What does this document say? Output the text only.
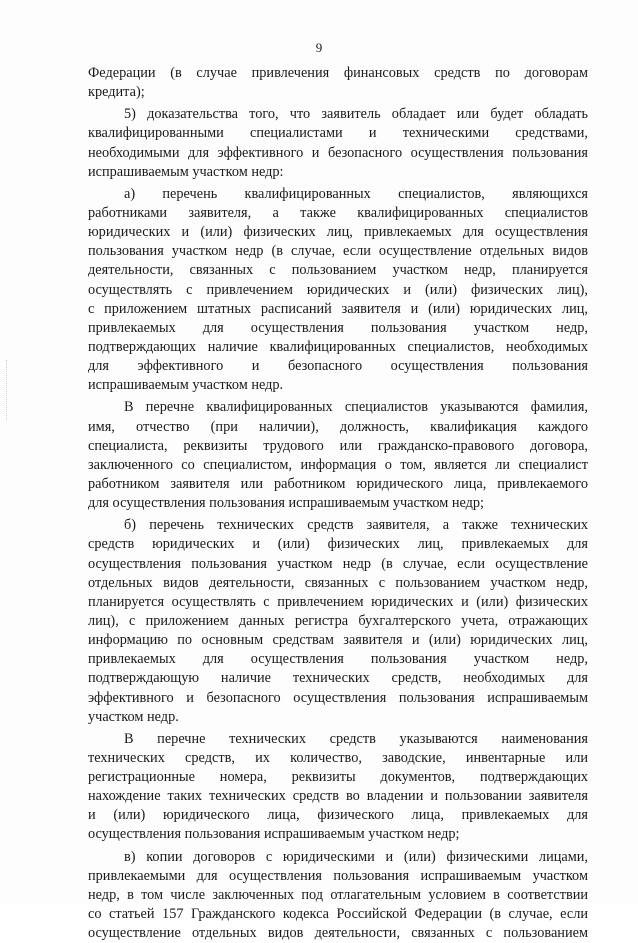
9
Федерации (в случае привлечения финансовых средств по договорам
кредита);
5) доказательства того, что заявитель обладает или будет обладать
квалифицированными специалистами и техническими средствами,
необходимыми для эффективного и безопасного осуществления пользования
испрашиваемым участком недр:
а) перечень квалифицированных специалистов, являющихся
работниками заявителя, а также квалифицированных специалистов
юридических и (или) физических лиц, привлекаемых для осуществления
пользования участком недр (в случае, если осуществление отдельных видов
деятельности, связанных с пользованием участком недр, планируется
осуществлять с привлечением юридических и (или) физических лиц),
с приложением штатных расписаний заявителя и (или) юридических лиц,
привлекаемых для осуществления пользования участком недр,
подтверждающих наличие квалифицированных специалистов, необходимых
для эффективного и безопасного осуществления пользования
испрашиваемым участком недр.
В перечне квалифицированных специалистов указываются фамилия,
имя, отчество (при наличии), должность, квалификация каждого
специалиста, реквизиты трудового или гражданско-правового договора,
заключенного со специалистом, информация о том, является ли специалист
работником заявителя или работником юридического лица, привлекаемого
для осуществления пользования испрашиваемым участком недр;
б) перечень технических средств заявителя, а также технических
средств юридических и (или) физических лиц, привлекаемых для
осуществления пользования участком недр (в случае, если осуществление
отдельных видов деятельности, связанных с пользованием участком недр,
планируется осуществлять с привлечением юридических и (или) физических
лиц), с приложением данных регистра бухгалтерского учета, отражающих
информацию по основным средствам заявителя и (или) юридических лиц,
привлекаемых для осуществления пользования участком недр,
подтверждающую наличие технических средств, необходимых для
эффективного и безопасного осуществления пользования испрашиваемым
участком недр.
В перечне технических средств указываются наименования
технических средств, их количество, заводские, инвентарные или
регистрационные номера, реквизиты документов, подтверждающих
нахождение таких технических средств во владении и пользовании заявителя
и (или) юридического лица, физического лица, привлекаемых для
осуществления пользования испрашиваемым участком недр;
в) копии договоров с юридическими и (или) физическими лицами,
привлекаемыми для осуществления пользования испрашиваемым участком
недр, в том числе заключенных под отлагательным условием в соответствии
со статьей 157 Гражданского кодекса Российской Федерации (в случае, если
осуществление отдельных видов деятельности, связанных с пользованием
